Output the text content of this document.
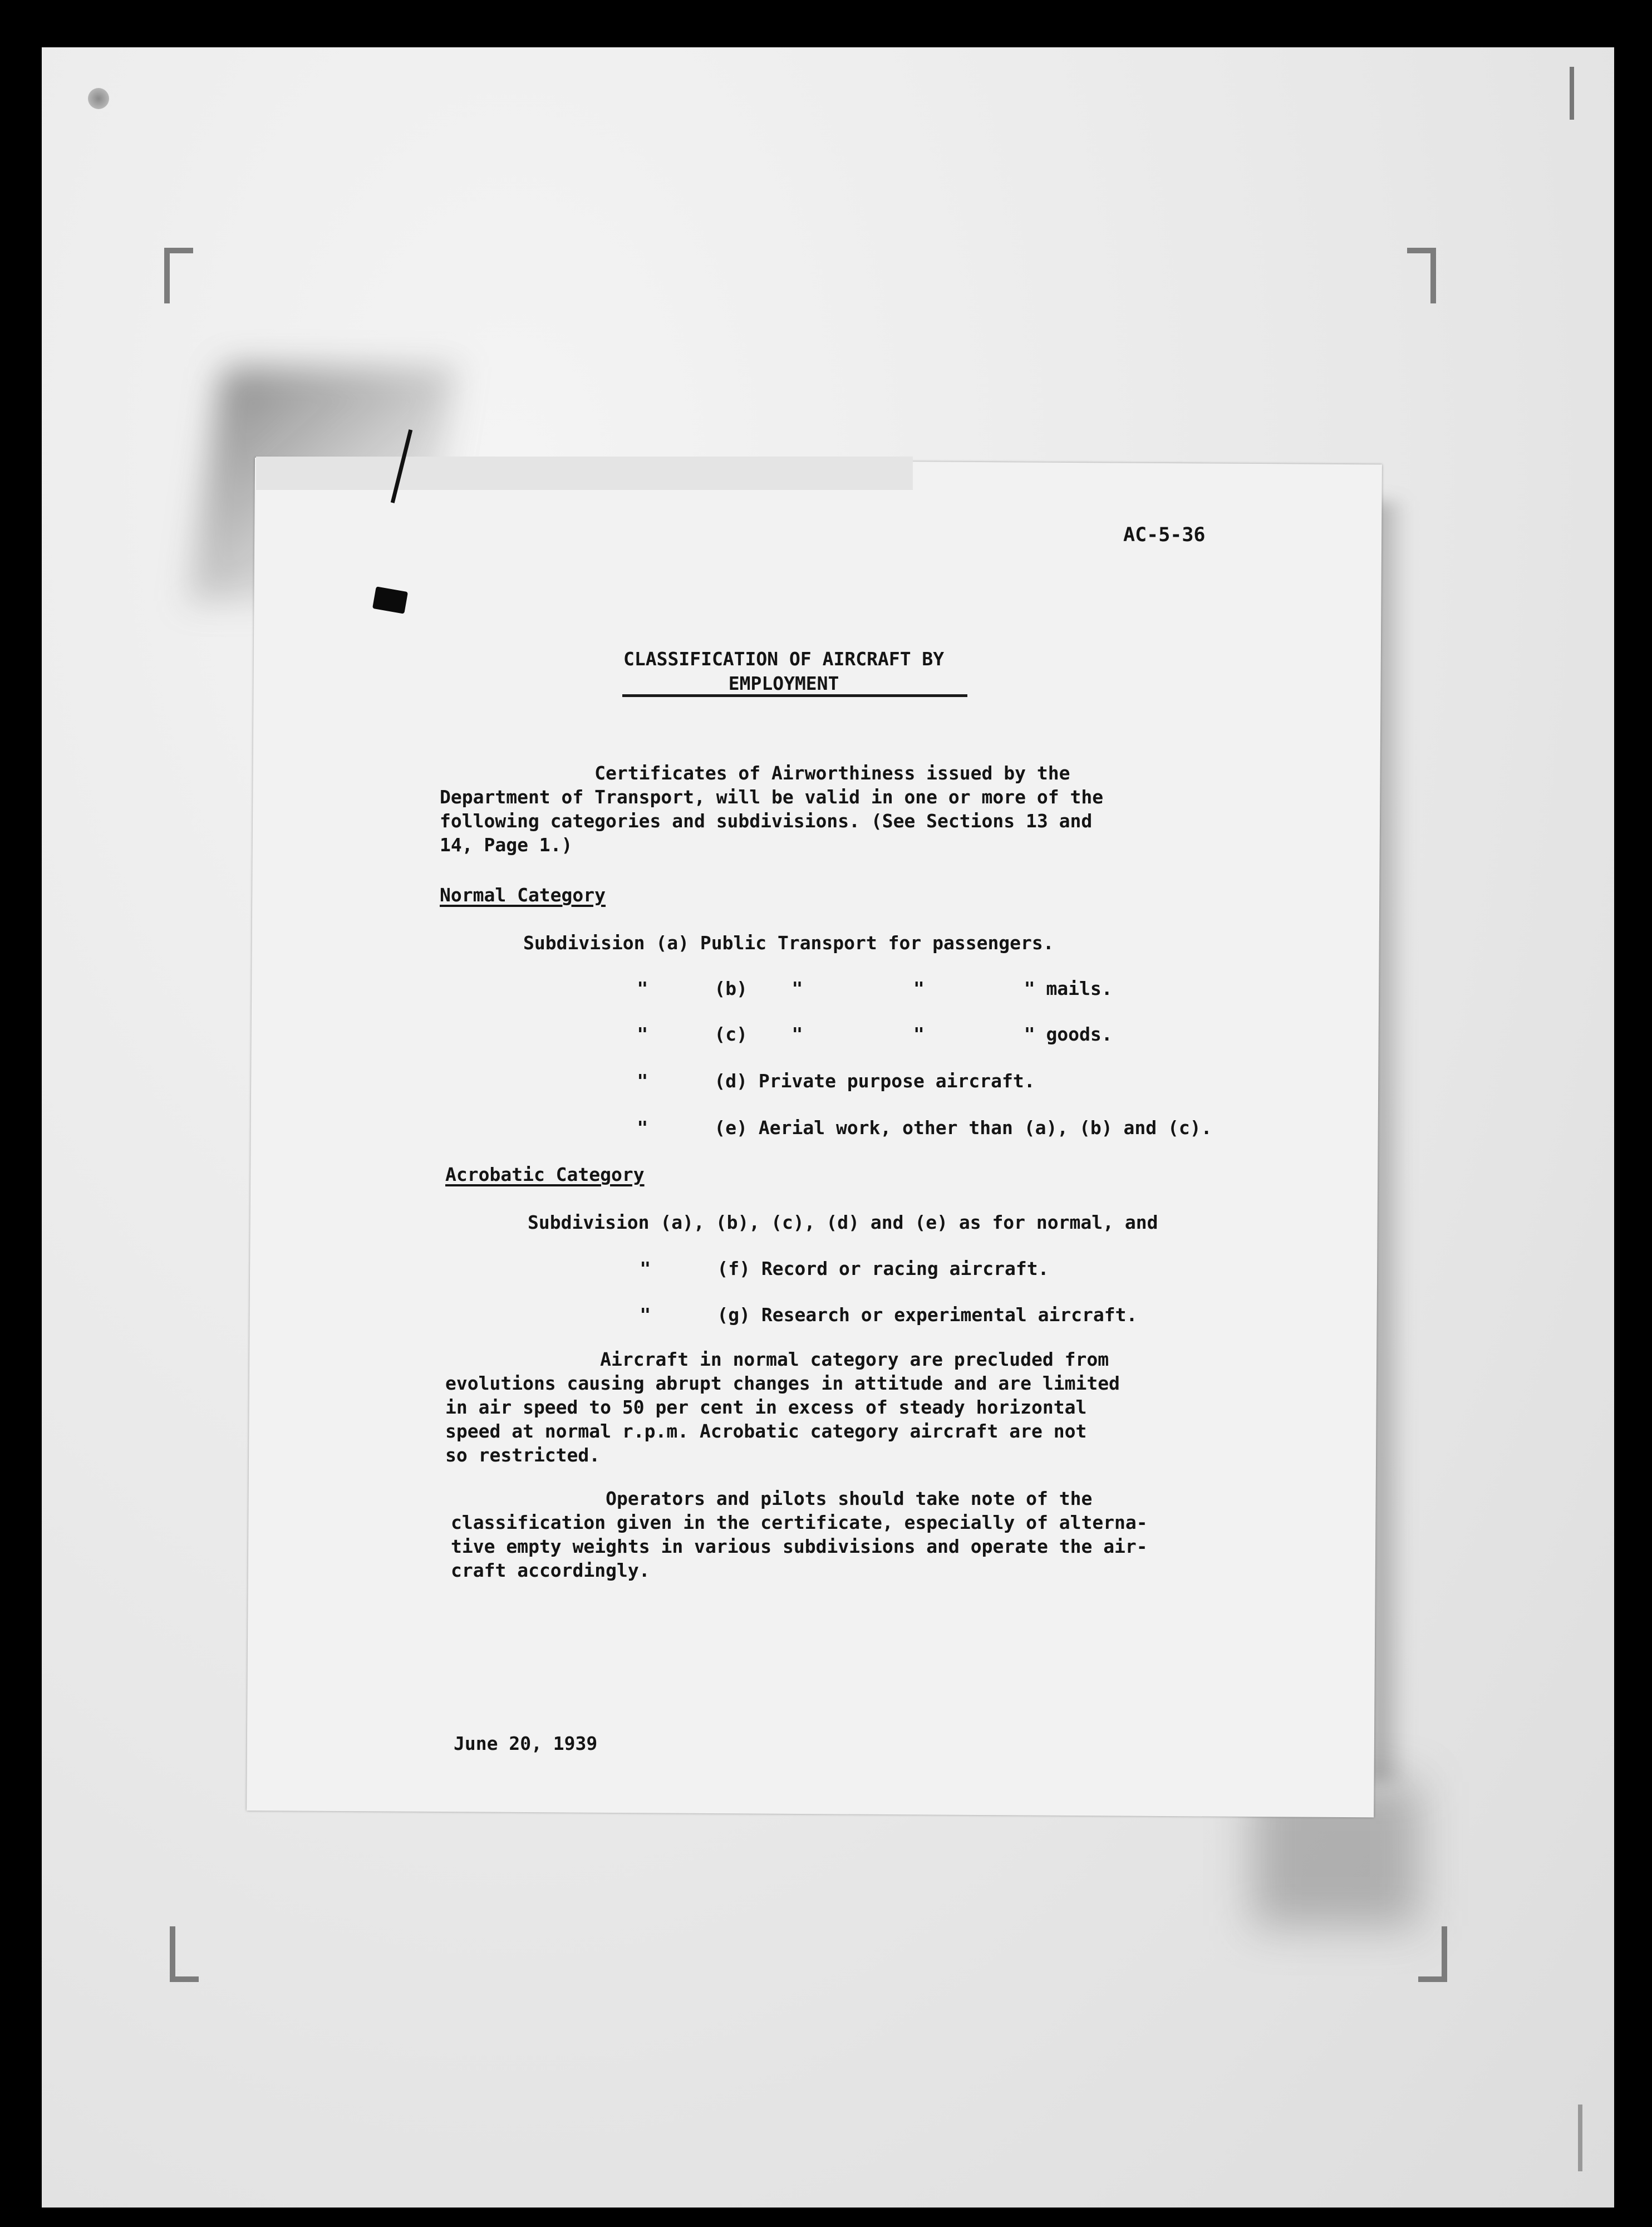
AC-5-36
CLASSIFICATION OF AIRCRAFT BY
EMPLOYMENT
Certificates of Airworthiness issued by the
Department of Transport, will be valid in one or more of the
following categories and subdivisions. (See Sections 13 and
14, Page 1.)
Normal Category
Subdivision (a) Public Transport for passengers.
"      (b)    "          "         " mails.
"      (c)    "          "         " goods.
"      (d) Private purpose aircraft.
"      (e) Aerial work, other than (a), (b) and (c).
Acrobatic Category
Subdivision (a), (b), (c), (d) and (e) as for normal, and
"      (f) Record or racing aircraft.
"      (g) Research or experimental aircraft.
Aircraft in normal category are precluded from
evolutions causing abrupt changes in attitude and are limited
in air speed to 50 per cent in excess of steady horizontal
speed at normal r.p.m. Acrobatic category aircraft are not
so restricted.
Operators and pilots should take note of the
classification given in the certificate, especially of alterna-
tive empty weights in various subdivisions and operate the air-
craft accordingly.
June 20, 1939
